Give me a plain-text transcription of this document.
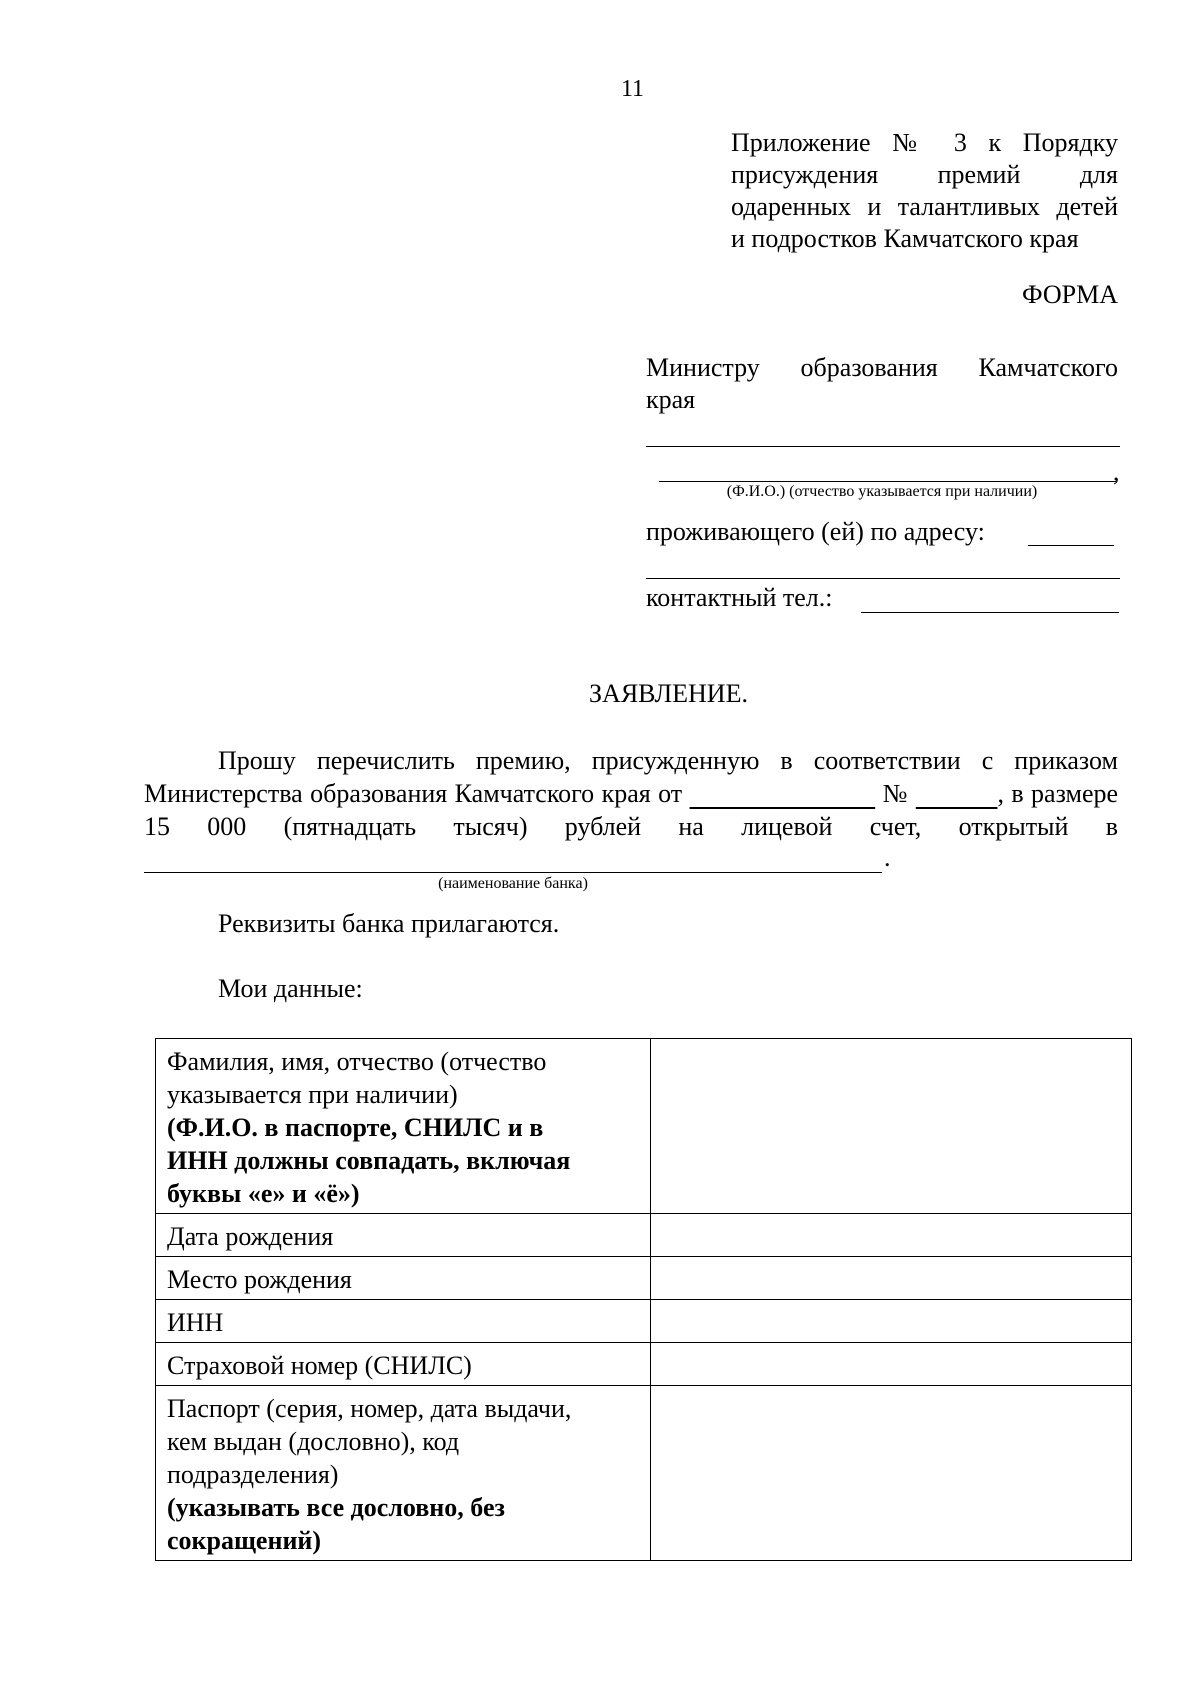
11
Приложение № 3 к Порядку
присуждения премий для
одаренных и талантливых детей
и подростков Камчатского края
ФОРМА
Министру образования Камчатского
края
,
(Ф.И.О.) (отчество указывается при наличии)
проживающего (ей) по адресу:
контактный тел.:
ЗАЯВЛЕНИЕ.
Прошу перечислить премию, присужденную в соответствии с приказом
Министерства образования Камчатского края от	№	, в размере
15 000 (пятнадцать тысяч) рублей на лицевой счет, открытый в
.
(наименование банка)
Реквизиты банка прилагаются.
Мои данные:
Фамилия, имя, отчество (отчество
указывается при наличии)
(Ф.И.О. в паспорте, СНИЛС и в
ИНН должны совпадать, включая
буквы «е» и «ё»)	

Дата рождения	

Место рождения	

ИНН	

Страховой номер (СНИЛС)	

Паспорт (серия, номер, дата выдачи,
кем выдан (дословно), код
подразделения)
(указывать все дословно, без
сокращений)	
